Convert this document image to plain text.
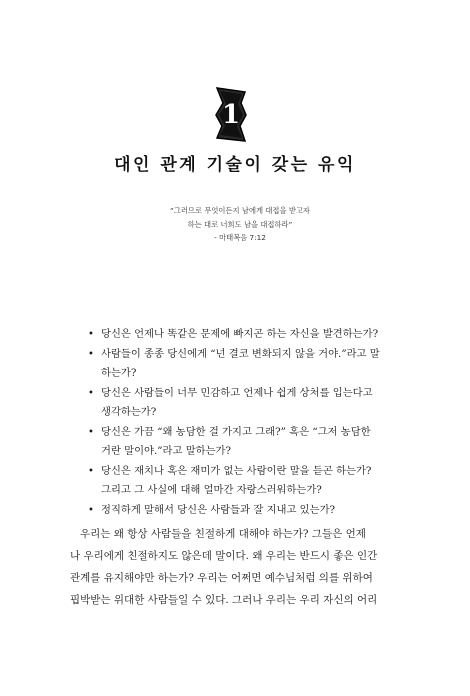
1
대인 관계 기술이 갖는 유익
“그러므로 무엇이든지 남에게 대접을 받고자
하는 대로 너희도 남을 대접하라”
- 마태복음 7:12
• 당신은 언제나 똑같은 문제에 빠지곤 하는 자신을 발견하는가?
• 사람들이 종종 당신에게 “넌 결코 변화되지 않을 거야.”라고 말
하는가?
• 당신은 사람들이 너무 민감하고 언제나 쉽게 상처를 입는다고
생각하는가?
• 당신은 가끔 “왜 농담한 걸 가지고 그래?” 혹은 “그저 농담한
거란 말이야.”라고 말하는가?
• 당신은 재치나 혹은 재미가 없는 사람이란 말을 듣곤 하는가?
그리고 그 사실에 대해 얼마간 자랑스러워하는가?
• 정직하게 말해서 당신은 사람들과 잘 지내고 있는가?
우리는 왜 항상 사람들을 친절하게 대해야 하는가? 그들은 언제
나 우리에게 친절하지도 않은데 말이다. 왜 우리는 반드시 좋은 인간
관계를 유지해야만 하는가? 우리는 어쩌면 예수님처럼 의를 위하여
핍박받는 위대한 사람들일 수 있다. 그러나 우리는 우리 자신의 어리
